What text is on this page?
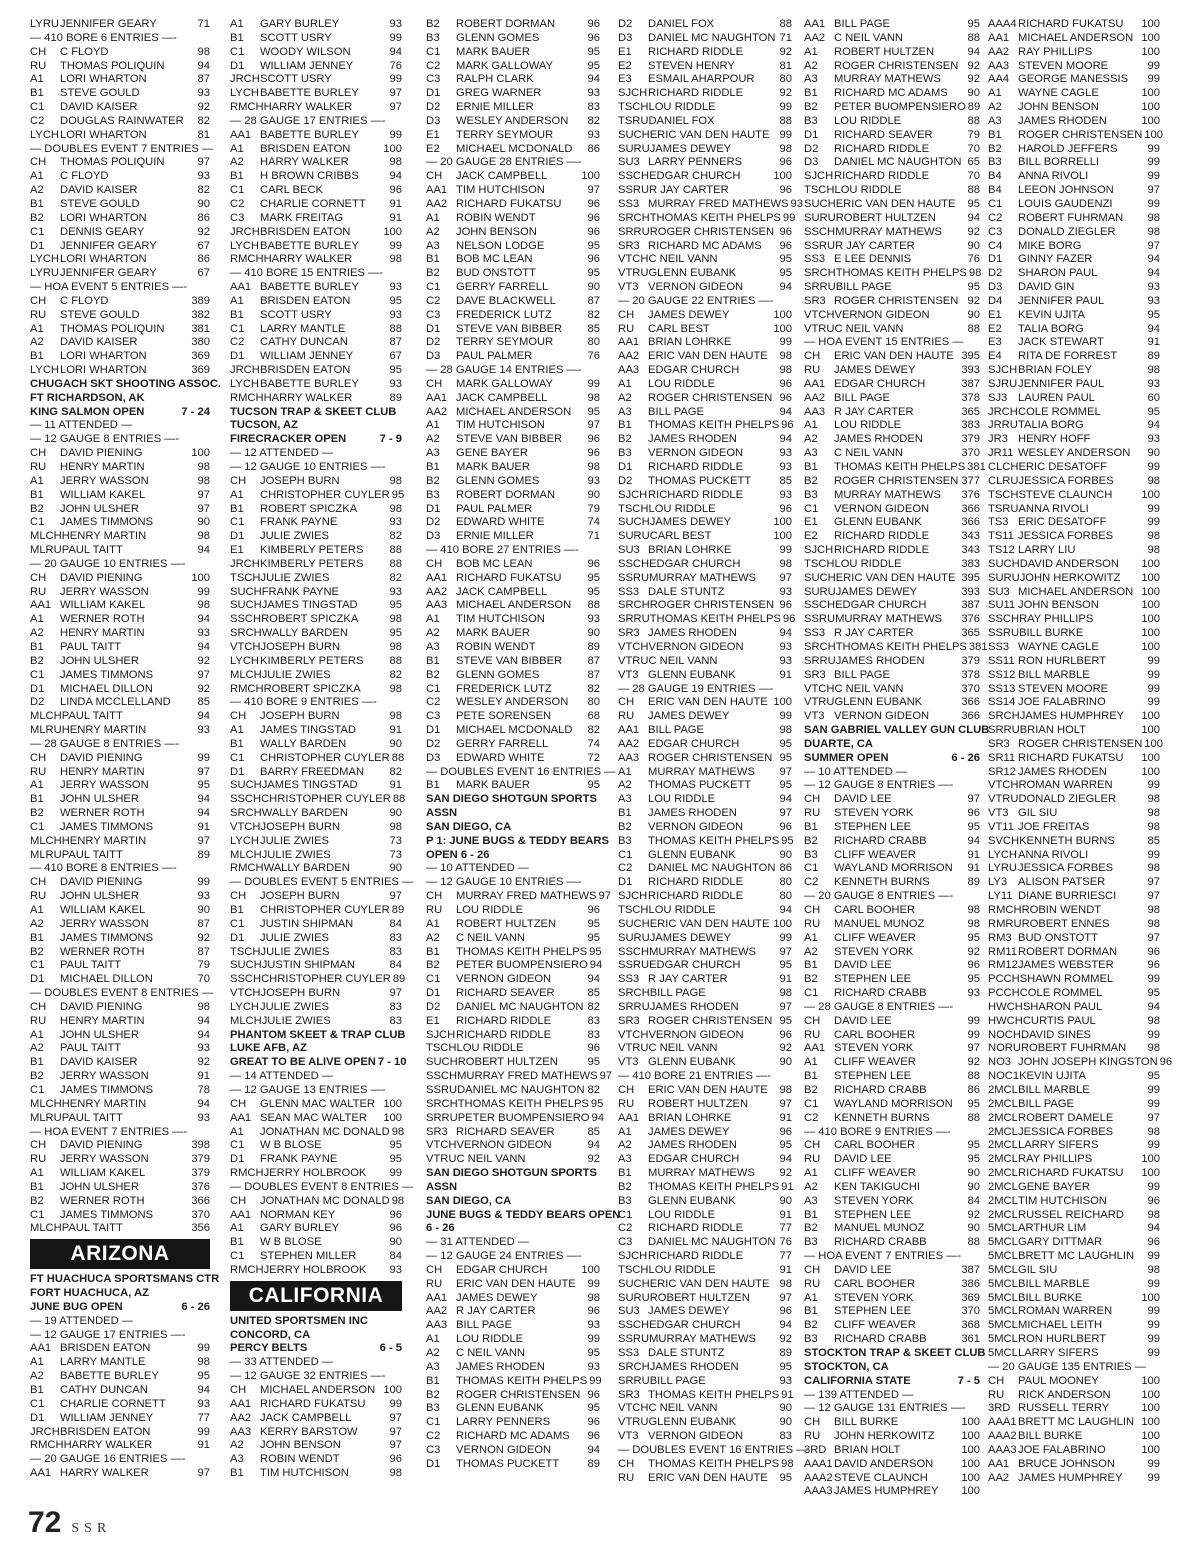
LYRU JENNIFER GEARY	71
— 410 BORE 6 ENTRIES —-
CH	C FLOYD	98
RU	THOMAS POLIQUIN	94
A1	LORI WHARTON	87
B1	STEVE GOULD	93
C1	DAVID KAISER	92
C2	DOUGLAS RAINWATER	82
LYCH LORI WHARTON	81
— DOUBLES EVENT 7 ENTRIES —
CH	THOMAS POLIQUIN	97
A1	C FLOYD	93
A2	DAVID KAISER	82
B1	STEVE GOULD	90
B2	LORI WHARTON	86
C1	DENNIS GEARY	92
D1	JENNIFER GEARY	67
LYCH LORI WHARTON	86
LYRU JENNIFER GEARY	67
— HOA EVENT 5 ENTRIES —-
CH	C FLOYD	389
RU	STEVE GOULD	382
A1	THOMAS POLIQUIN	381
A2	DAVID KAISER	380
B1	LORI WHARTON	369
LYCH LORI WHARTON	369
CHUGACH SKT SHOOTING ASSOC.
FT RICHARDSON, AK
KING SALMON OPEN	7 - 24
— 11 ATTENDED —
— 12 GAUGE 8 ENTRIES —-
CH	DAVID PIENING	100
RU	HENRY MARTIN	98
A1	JERRY WASSON	98
B1	WILLIAM KAKEL	97
B2	JOHN ULSHER	97
C1	JAMES TIMMONS	90
MLCH HENRY MARTIN	98
MLRU PAUL TAITT	94
— 20 GAUGE 10 ENTRIES —-
CH	DAVID PIENING	100
RU	JERRY WASSON	99
AA1 WILLIAM KAKEL	98
A1	WERNER ROTH	94
A2	HENRY MARTIN	93
B1	PAUL TAITT	94
B2	JOHN ULSHER	92
C1	JAMES TIMMONS	97
D1	MICHAEL DILLON	92
D2	LINDA MCCLELLAND	85
MLCH PAUL TAITT	94
MLRU HENRY MARTIN	93
— 28 GAUGE 8 ENTRIES —-
CH	DAVID PIENING	99
RU	HENRY MARTIN	97
A1	JERRY WASSON	95
B1	JOHN ULSHER	94
B2	WERNER ROTH	94
C1	JAMES TIMMONS	91
MLCH HENRY MARTIN	97
MLRU PAUL TAITT	89
— 410 BORE 8 ENTRIES —-
CH	DAVID PIENING	99
RU	JOHN ULSHER	93
A1	WILLIAM KAKEL	90
A2	JERRY WASSON	87
B1	JAMES TIMMONS	92
B2	WERNER ROTH	87
C1	PAUL TAITT	79
D1	MICHAEL DILLON	70
— DOUBLES EVENT 8 ENTRIES —
CH	DAVID PIENING	98
RU	HENRY MARTIN	94
A1	JOHN ULSHER	94
A2	PAUL TAITT	93
B1	DAVID KAISER	92
B2	JERRY WASSON	91
C1	JAMES TIMMONS	78
MLCH HENRY MARTIN	94
MLRU PAUL TAITT	93
— HOA EVENT 7 ENTRIES —-
CH	DAVID PIENING	398
RU	JERRY WASSON	379
A1	WILLIAM KAKEL	379
B1	JOHN ULSHER	376
B2	WERNER ROTH	366
C1	JAMES TIMMONS	370
MLCH PAUL TAITT	356
ARIZONA
FT HUACHUCA SPORTSMANS CTR
FORT HUACHUCA, AZ
JUNE BUG OPEN	6 - 26
— 19 ATTENDED —
— 12 GAUGE 17 ENTRIES —-
AA1 BRISDEN EATON	99
A1	LARRY MANTLE	98
A2	BABETTE BURLEY	95
B1	CATHY DUNCAN	94
C1	CHARLIE CORNETT	93
D1	WILLIAM JENNEY	77
JRCH BRISDEN EATON	99
RMCH HARRY WALKER	91
— 20 GAUGE 16 ENTRIES —-
AA1 HARRY WALKER	97
A1	GARY BURLEY	93
B1	SCOTT USRY	99
C1	WOODY WILSON	94
D1	WILLIAM JENNEY	76
JRCH SCOTT USRY	99
LYCH BABETTE BURLEY	97
RMCH HARRY WALKER	97
— 28 GAUGE 17 ENTRIES —-
AA1 BABETTE BURLEY	99
A1	BRISDEN EATON	100
A2	HARRY WALKER	98
B1	H BROWN CRIBBS	94
C1	CARL BECK	96
C2	CHARLIE CORNETT	91
C3	MARK FREITAG	91
JRCH BRISDEN EATON	100
LYCH BABETTE BURLEY	99
RMCH HARRY WALKER	98
— 410 BORE 15 ENTRIES —-
AA1 BABETTE BURLEY	93
A1	BRISDEN EATON	95
B1	SCOTT USRY	93
C1	LARRY MANTLE	88
C2	CATHY DUNCAN	87
D1	WILLIAM JENNEY	67
JRCH BRISDEN EATON	95
LYCH BABETTE BURLEY	93
RMCH HARRY WALKER	89
TUCSON TRAP & SKEET CLUB
TUCSON, AZ
FIRECRACKER OPEN	7 - 9
— 12 ATTENDED —
— 12 GAUGE 10 ENTRIES —-
CH	JOSEPH BURN	98
A1	CHRISTOPHER CUYLER 95
B1	ROBERT SPICZKA	98
C1	FRANK PAYNE	93
D1	JULIE ZWIES	82
E1	KIMBERLY PETERS	88
JRCH KIMBERLY PETERS	88
TSCH JULIE ZWIES	82
SUCH FRANK PAYNE	93
SUCH JAMES TINGSTAD	95
SSCH ROBERT SPICZKA	98
SRCH WALLY BARDEN	95
VTCH JOSEPH BURN	98
LYCH KIMBERLY PETERS	88
MLCH JULIE ZWIES	82
RMCH ROBERT SPICZKA	98
— 410 BORE 9 ENTRIES —-
CH	JOSEPH BURN	98
A1	JAMES TINGSTAD	91
B1	WALLY BARDEN	90
C1	CHRISTOPHER CUYLER 88
D1	BARRY FREEDMAN	82
SUCH JAMES TINGSTAD	91
SSCH CHRISTOPHER CUYLER 88
SRCH WALLY BARDEN	90
VTCH JOSEPH BURN	98
LYCH JULIE ZWIES	73
MLCH JULIE ZWIES	73
RMCH WALLY BARDEN	90
— DOUBLES EVENT 5 ENTRIES —
CH	JOSEPH BURN	97
B1	CHRISTOPHER CUYLER 89
C1	JUSTIN SHIPMAN	84
D1	JULIE ZWIES	83
TSCH JULIE ZWIES	83
SUCH JUSTIN SHIPMAN	84
SSCH CHRISTOPHER CUYLER 89
VTCH JOSEPH BURN	97
LYCH JULIE ZWIES	83
MLCH JULIE ZWIES	83
PHANTOM SKEET & TRAP CLUB
LUKE AFB, AZ
GREAT TO BE ALIVE OPEN 7 - 10
— 14 ATTENDED —
— 12 GAUGE 13 ENTRIES —-
CH	GLENN MAC WALTER 100
AA1 SEAN MAC WALTER	100
A1	JONATHAN MC DONALD 98
C1	W B BLOSE	95
D1	FRANK PAYNE	95
RMCH JERRY HOLBROOK	99
— DOUBLES EVENT 8 ENTRIES —
CH	JONATHAN MC DONALD 98
AA1 NORMAN KEY	96
A1	GARY BURLEY	96
B1	W B BLOSE	90
C1	STEPHEN MILLER	84
RMCH JERRY HOLBROOK	93
CALIFORNIA
UNITED SPORTSMEN INC
CONCORD, CA
PERCY BELTS	6 - 5
— 33 ATTENDED —
— 12 GAUGE 32 ENTRIES —-
CH	MICHAEL ANDERSON 100
AA1 RICHARD FUKATSU	99
AA2 JACK CAMPBELL	97
AA3 KERRY BARSTOW	97
A2	JOHN BENSON	97
A3	ROBIN WENDT	96
B1	TIM HUTCHISON	98
B2	ROBERT DORMAN	96
B3	GLENN GOMES	96
C1	MARK BAUER	95
C2	MARK GALLOWAY	95
C3	RALPH CLARK	94
D1	GREG WARNER	93
D2	ERNIE MILLER	83
D3	WESLEY ANDERSON	82
E1	TERRY SEYMOUR	93
E2	MICHAEL MCDONALD	86
— 20 GAUGE 28 ENTRIES —-
CH	JACK CAMPBELL	100
AA1 TIM HUTCHISON	97
AA2 RICHARD FUKATSU	96
A1	ROBIN WENDT	96
A2	JOHN BENSON	96
A3	NELSON LODGE	95
B1	BOB MC LEAN	96
B2	BUD ONSTOTT	95
C1	GERRY FARRELL	90
C2	DAVE BLACKWELL	87
C3	FREDERICK LUTZ	82
D1	STEVE VAN BIBBER	85
D2	TERRY SEYMOUR	80
D3	PAUL PALMER	76
— 28 GAUGE 14 ENTRIES —-
CH	MARK GALLOWAY	99
AA1 JACK CAMPBELL	98
AA2 MICHAEL ANDERSON	95
A1	TIM HUTCHISON	97
A2	STEVE VAN BIBBER	96
A3	GENE BAYER	96
B1	MARK BAUER	98
B2	GLENN GOMES	93
B3	ROBERT DORMAN	90
D1	PAUL PALMER	79
D2	EDWARD WHITE	74
D3	ERNIE MILLER	71
— 410 BORE 27 ENTRIES —-
CH	BOB MC LEAN	96
AA1 RICHARD FUKATSU	95
AA2 JACK CAMPBELL	95
AA3 MICHAEL ANDERSON	88
A1	TIM HUTCHISON	93
A2	MARK BAUER	90
A3	ROBIN WENDT	89
B1	STEVE VAN BIBBER	87
B2	GLENN GOMES	87
C1	FREDERICK LUTZ	82
C2	WESLEY ANDERSON	80
C3	PETE SORENSEN	68
D1	MICHAEL MCDONALD	82
D2	GERRY FARRELL	74
D3	EDWARD WHITE	72
— DOUBLES EVENT 16 ENTRIES —
B1	MARK BAUER	95
SAN DIEGO SHOTGUN SPORTS
ASSN
SAN DIEGO, CA
P 1: JUNE BUGS & TEDDY BEARS
OPEN 6 - 26
— 10 ATTENDED —
— 12 GAUGE 10 ENTRIES —-
CH	MURRAY FRED MATHEWS 97
RU	LOU RIDDLE	96
A1	ROBERT HULTZEN	95
A2	C NEIL VANN	95
B1	THOMAS KEITH PHELPS 95
B2	PETER BUOMPENSIERO 94
C1	VERNON GIDEON	94
D1	RICHARD SEAVER	85
D2	DANIEL MC NAUGHTON 82
E1	RICHARD RIDDLE	83
SJCH RICHARD RIDDLE	83
TSCH LOU RIDDLE	96
SUCH ROBERT HULTZEN	95
SSCH MURRAY FRED MATHEWS 97
SSRU DANIEL MC NAUGHTON 82
SRCH THOMAS KEITH PHELPS 95
SRRU PETER BUOMPENSIERO 94
SR3 RICHARD SEAVER	85
VTCH VERNON GIDEON	94
VTRU C NEIL VANN	92
SAN DIEGO SHOTGUN SPORTS
ASSN
SAN DIEGO, CA
JUNE BUGS & TEDDY BEARS OPEN
6 - 26
— 31 ATTENDED —
— 12 GAUGE 24 ENTRIES —-
CH	EDGAR CHURCH	100
RU	ERIC VAN DEN HAUTE	99
AA1 JAMES DEWEY	98
AA2 R JAY CARTER	96
AA3 BILL PAGE	93
A1	LOU RIDDLE	99
A2	C NEIL VANN	95
A3	JAMES RHODEN	93
B1	THOMAS KEITH PHELPS 99
B2	ROGER CHRISTENSEN 96
B3	GLENN EUBANK	95
C1	LARRY PENNERS	96
C2	RICHARD MC ADAMS	96
C3	VERNON GIDEON	94
D1	THOMAS PUCKETT	89
D2	DANIEL FOX	88
D3	DANIEL MC NAUGHTON 71
E1	RICHARD RIDDLE	92
E2	STEVEN HENRY	81
E3	ESMAIL AHARPOUR	80
SJCH RICHARD RIDDLE	92
TSCH LOU RIDDLE	99
TSRU DANIEL FOX	88
SUCH ERIC VAN DEN HAUTE 99
SURU JAMES DEWEY	98
SU3 LARRY PENNERS	96
SSCH EDGAR CHURCH	100
SSRU R JAY CARTER	96
SS3 MURRAY FRED MATHEWS 93
SRCH THOMAS KEITH PHELPS 99
SRRU ROGER CHRISTENSEN 96
SR3 RICHARD MC ADAMS	96
VTCH C NEIL VANN	95
VTRU GLENN EUBANK	95
VT3 VERNON GIDEON	94
— 20 GAUGE 22 ENTRIES —-
CH	JAMES DEWEY	100
RU	CARL BEST	100
AA1 BRIAN LOHRKE	99
AA2 ERIC VAN DEN HAUTE	98
AA3 EDGAR CHURCH	98
A1	LOU RIDDLE	96
A2	ROGER CHRISTENSEN 96
A3	BILL PAGE	94
B1	THOMAS KEITH PHELPS 96
B2	JAMES RHODEN	94
B3	VERNON GIDEON	93
D1	RICHARD RIDDLE	93
D2	THOMAS PUCKETT	85
SJCH RICHARD RIDDLE	93
TSCH LOU RIDDLE	96
SUCH JAMES DEWEY	100
SURU CARL BEST	100
SU3 BRIAN LOHRKE	99
SSCH EDGAR CHURCH	98
SSRU MURRAY MATHEWS	97
SS3 DALE STUNTZ	93
SRCH ROGER CHRISTENSEN 96
SRRU THOMAS KEITH PHELPS 96
SR3 JAMES RHODEN	94
VTCH VERNON GIDEON	93
VTRU C NEIL VANN	93
VT3 GLENN EUBANK	91
— 28 GAUGE 19 ENTRIES —-
CH	ERIC VAN DEN HAUTE 100
RU	JAMES DEWEY	99
AA1 BILL PAGE	98
AA2 EDGAR CHURCH	95
AA3 ROGER CHRISTENSEN 95
A1	MURRAY MATHEWS	97
A2	THOMAS PUCKETT	95
A3	LOU RIDDLE	94
B1	JAMES RHODEN	97
B2	VERNON GIDEON	96
B3	THOMAS KEITH PHELPS 95
C1	GLENN EUBANK	90
C2	DANIEL MC NAUGHTON 86
D1	RICHARD RIDDLE	80
SJCH RICHARD RIDDLE	80
TSCH LOU RIDDLE	94
SUCH ERIC VAN DEN HAUTE 100
SURU JAMES DEWEY	99
SSCH MURRAY MATHEWS	97
SSRU EDGAR CHURCH	95
SS3 R JAY CARTER	91
SRCH BILL PAGE	98
SRRU JAMES RHODEN	97
SR3 ROGER CHRISTENSEN 95
VTCH VERNON GIDEON	96
VTRU C NEIL VANN	92
VT3 GLENN EUBANK	90
— 410 BORE 21 ENTRIES —-
CH	ERIC VAN DEN HAUTE	98
RU	ROBERT HULTZEN	97
AA1 BRIAN LOHRKE	91
A1	JAMES DEWEY	96
A2	JAMES RHODEN	95
A3	EDGAR CHURCH	94
B1	MURRAY MATHEWS	92
B2	THOMAS KEITH PHELPS 91
B3	GLENN EUBANK	90
C1	LOU RIDDLE	91
C2	RICHARD RIDDLE	77
C3	DANIEL MC NAUGHTON 76
SJCH RICHARD RIDDLE	77
TSCH LOU RIDDLE	91
SUCH ERIC VAN DEN HAUTE 98
SURU ROBERT HULTZEN	97
SU3 JAMES DEWEY	96
SSCH EDGAR CHURCH	94
SSRU MURRAY MATHEWS	92
SS3 DALE STUNTZ	89
SRCH JAMES RHODEN	95
SRRU BILL PAGE	93
SR3 THOMAS KEITH PHELPS 91
VTCH C NEIL VANN	90
VTRU GLENN EUBANK	90
VT3 VERNON GIDEON	83
— DOUBLES EVENT 16 ENTRIES —
CH	THOMAS KEITH PHELPS 98
RU	ERIC VAN DEN HAUTE	95
AA1 BILL PAGE	95
AA2 C NEIL VANN	88
A1	ROBERT HULTZEN	94
A2	ROGER CHRISTENSEN 92
A3	MURRAY MATHEWS	92
B1	RICHARD MC ADAMS	90
B2	PETER BUOMPENSIERO 89
B3	LOU RIDDLE	88
D1	RICHARD SEAVER	79
D2	RICHARD RIDDLE	70
D3	DANIEL MC NAUGHTON 65
SJCH RICHARD RIDDLE	70
TSCH LOU RIDDLE	88
SUCH ERIC VAN DEN HAUTE	95
SURU ROBERT HULTZEN	94
SSCH MURRAY MATHEWS	92
SSRU R JAY CARTER	90
SS3 E LEE DENNIS	76
SRCH THOMAS KEITH PHELPS 98
SRRU BILL PAGE	95
SR3 ROGER CHRISTENSEN 92
VTCH VERNON GIDEON	90
VTRU C NEIL VANN	88
— HOA EVENT 15 ENTRIES —
CH	ERIC VAN DEN HAUTE 395
RU	JAMES DEWEY	393
AA1 EDGAR CHURCH	387
AA2 BILL PAGE	378
AA3 R JAY CARTER	365
A1	LOU RIDDLE	383
A2	JAMES RHODEN	379
A3	C NEIL VANN	370
B1	THOMAS KEITH PHELPS 381
B2	ROGER CHRISTENSEN 377
B3	MURRAY MATHEWS	376
C1	VERNON GIDEON	366
E1	GLENN EUBANK	366
E2	RICHARD RIDDLE	343
SJCH RICHARD RIDDLE	343
TSCH LOU RIDDLE	383
SUCH ERIC VAN DEN HAUTE 395
SURU JAMES DEWEY	393
SSCH EDGAR CHURCH	387
SSRU MURRAY MATHEWS	376
SS3 R JAY CARTER	365
SRCH THOMAS KEITH PHELPS 381
SRRU JAMES RHODEN	379
SR3 BILL PAGE	378
VTCH C NEIL VANN	370
VTRU GLENN EUBANK	366
VT3 VERNON GIDEON	366
SAN GABRIEL VALLEY GUN CLUB
DUARTE, CA
SUMMER OPEN	6 - 26
— 10 ATTENDED —
— 12 GAUGE 8 ENTRIES —-
CH	DAVID LEE	97
RU	STEVEN YORK	96
B1	STEPHEN LEE	95
B2	RICHARD CRABB	94
B3	CLIFF WEAVER	91
C1	WAYLAND MORRISON	91
C2	KENNETH BURNS	89
— 20 GAUGE 8 ENTRIES —-
CH	CARL BOOHER	98
RU	MANUEL MUNOZ	98
A1	CLIFF WEAVER	95
A2	STEVEN YORK	92
B1	DAVID LEE	96
B2	STEPHEN LEE	95
C1	RICHARD CRABB	93
— 28 GAUGE 8 ENTRIES —-
CH	DAVID LEE	99
RU	CARL BOOHER	99
AA1 STEVEN YORK	97
A1	CLIFF WEAVER	92
B1	STEPHEN LEE	88
B2	RICHARD CRABB	86
C1	WAYLAND MORRISON	95
C2	KENNETH BURNS	88
— 410 BORE 9 ENTRIES —-
CH	CARL BOOHER	95
RU	DAVID LEE	95
A1	CLIFF WEAVER	90
A2	KEN TAKIGUCHI	90
A3	STEVEN YORK	84
B1	STEPHEN LEE	92
B2	MANUEL MUNOZ	90
B3	RICHARD CRABB	88
— HOA EVENT 7 ENTRIES —-
CH	DAVID LEE	387
RU	CARL BOOHER	386
A1	STEVEN YORK	369
B1	STEPHEN LEE	370
B2	CLIFF WEAVER	368
B3	RICHARD CRABB	361
STOCKTON TRAP & SKEET CLUB
STOCKTON, CA
CALIFORNIA STATE	7 - 5
— 139 ATTENDED —
— 12 GAUGE 131 ENTRIES —-
CH	BILL BURKE	100
RU	JOHN HERKOWITZ	100
3RD BRIAN HOLT	100
AAA1 DAVID ANDERSON	100
AAA2 STEVE CLAUNCH	100
AAA3 JAMES HUMPHREY	100
AAA4 RICHARD FUKATSU	100
AA1 MICHAEL ANDERSON 100
AA2 RAY PHILLIPS	100
AA3 STEVEN MOORE	99
AA4 GEORGE MANESSIS	99
A1	WAYNE CAGLE	100
A2	JOHN BENSON	100
A3	JAMES RHODEN	100
B1	ROGER CHRISTENSEN 100
B2	HAROLD JEFFERS	99
B3	BILL BORRELLI	99
B4	ANNA RIVOLI	99
B4	LEEON JOHNSON	97
C1	LOUIS GAUDENZI	99
C2	ROBERT FUHRMAN	98
C3	DONALD ZIEGLER	98
C4	MIKE BORG	97
D1	GINNY FAZER	94
D2	SHARON PAUL	94
D3	DAVID GIN	93
D4	JENNIFER PAUL	93
E1	KEVIN UJITA	95
E2	TALIA BORG	94
E3	JACK STEWART	91
E4	RITA DE FORREST	89
SJCH BRIAN FOLEY	98
SJRU JENNIFER PAUL	93
SJ3 LAUREN PAUL	60
JRCH COLE ROMMEL	95
JRRU TALIA BORG	94
JR3 HENRY HOFF	93
JR11 WESLEY ANDERSON	90
CLCH ERIC DESATOFF	99
CLRU JESSICA FORBES	98
TSCH STEVE CLAUNCH	100
TSRU ANNA RIVOLI	99
TS3 ERIC DESATOFF	99
TS11 JESSICA FORBES	98
TS12 LARRY LIU	98
SUCH DAVID ANDERSON	100
SURU JOHN HERKOWITZ	100
SU3 MICHAEL ANDERSON 100
SU11 JOHN BENSON	100
SSCH RAY PHILLIPS	100
SSRU BILL BURKE	100
SS3 WAYNE CAGLE	100
SS11 RON HURLBERT	99
SS12 BILL MARBLE	99
SS13 STEVEN MOORE	99
SS14 JOE FALABRINO	99
SRCH JAMES HUMPHREY	100
SRRU BRIAN HOLT	100
SR3 ROGER CHRISTENSEN 100
SR11 RICHARD FUKATSU	100
SR12 JAMES RHODEN	100
VTCH ROMAN WARREN	99
VTRU DONALD ZIEGLER	98
VT3 GIL SIU	98
VT11 JOE FREITAS	98
SVCH KENNETH BURNS	85
LYCH ANNA RIVOLI	99
LYRU JESSICA FORBES	98
LY3 ALISON PATSER	97
LY11 DIANE BURRIESCI	97
RMCH ROBIN WENDT	98
RMRU ROBERT ENNES	98
RM3 BUD ONSTOTT	97
RM11 ROBERT DORMAN	96
RM12 JAMES WEBSTER	96
PCCH SHAWN ROMMEL	99
PCCH COLE ROMMEL	95
HWCH SHARON PAUL	94
HWCH CURTIS PAUL	98
NOCH DAVID SINES	99
NORU ROBERT FUHRMAN	98
NO3 JOHN JOSEPH KINGSTON 96
NOC1 KEVIN UJITA	95
2MCL BILL MARBLE	99
2MCL BILL PAGE	99
2MCL ROBERT DAMELE	97
2MCL JESSICA FORBES	98
2MCL LARRY SIFERS	99
2MCL RAY PHILLIPS	100
2MCL RICHARD FUKATSU	100
2MCL GENE BAYER	99
2MCL TIM HUTCHISON	96
2MCL RUSSEL REICHARD	98
5MCL ARTHUR LIM	94
5MCL GARY DITTMAR	96
5MCL BRETT MC LAUGHLIN	99
5MCL GIL SIU	98
5MCL BILL MARBLE	99
5MCL BILL BURKE	100
5MCL ROMAN WARREN	99
5MCL MICHAEL LEITH	99
5MCL RON HURLBERT	99
5MCL LARRY SIFERS	99
— 20 GAUGE 135 ENTRIES —
CH	PAUL MOONEY	100
RU	RICK ANDERSON	100
3RD RUSSELL TERRY	100
AAA1 BRETT MC LAUGHLIN 100
AAA2 BILL BURKE	100
AAA3 JOE FALABRINO	100
AA1 BRUCE JOHNSON	99
AA2 JAMES HUMPHREY	99
72 SSR
